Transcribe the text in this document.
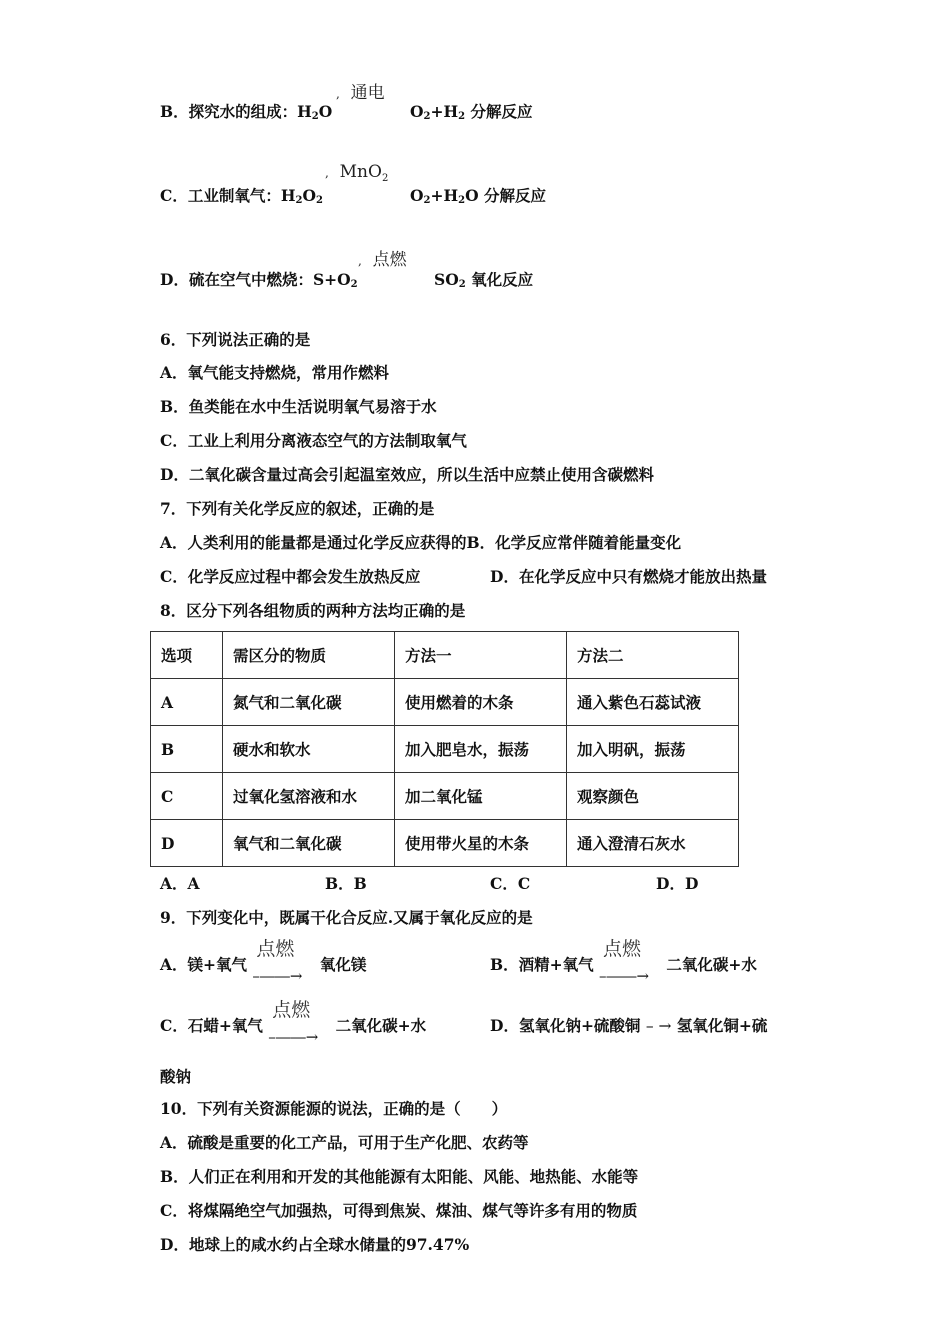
, 通电
B．探究水的组成：$H_2O$	$O_2+H_2$ 分解反应
, MnO$_2$
C．工业制氧气：$H_2O_2$	$O_2+H_2O$ 分解反应
, 点燃
D．硫在空气中燃烧：$S+O_2$	$SO_2$ 氧化反应
6．下列说法正确的是
A．氧气能支持燃烧，常用作燃料
B．鱼类能在水中生活说明氧气易溶于水
C．工业上利用分离液态空气的方法制取氧气
D．二氧化碳含量过高会引起温室效应，所以生活中应禁止使用含碳燃料
7．下列有关化学反应的叙述，正确的是
A．人类利用的能量都是通过化学反应获得的B．化学反应常伴随着能量变化
C．化学反应过程中都会发生放热反应	D．在化学反应中只有燃烧才能放出热量
8．区分下列各组物质的两种方法均正确的是
选项	需区分的物质	方法一	方法二
A	氮气和二氧化碳	使用燃着的木条	通入紫色石蕊试液
B	硬水和软水	加入肥皂水，振荡	加入明矾，振荡
C	过氧化氢溶液和水	加二氧化锰	观察颜色
D	氧气和二氧化碳	使用带火星的木条	通入澄清石灰水
A．A	B．B	C．C	D．D
9．下列变化中，既属干化合反应.又属于氧化反应的是
A．镁+氧气
点燃
–――→
氧化镁	B．酒精+氧气
点燃
–――→
二氧化碳+水
C．石蜡+氧气
点燃
–――→
二氧化碳+水	D．氢氧化钠+硫酸铜 – → 氢氧化铜+硫
酸钠
10．下列有关资源能源的说法，正确的是（　　）
A．硫酸是重要的化工产品，可用于生产化肥、农药等
B．人们正在利用和开发的其他能源有太阳能、风能、地热能、水能等
C．将煤隔绝空气加强热，可得到焦炭、煤油、煤气等许多有用的物质
D．地球上的咸水约占全球水储量的97.47%
